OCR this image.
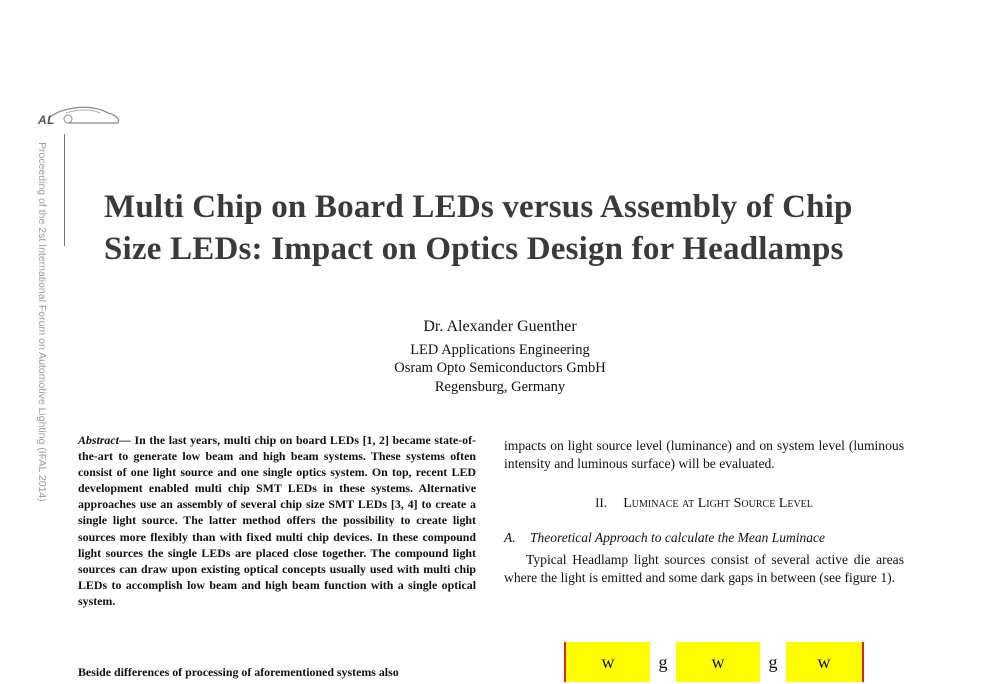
AL
Proceeding of the 2st International Forum on Automotive Lighting (IFAL 2014) Multi Chip on Board LEDs versus Assembly of Chip Size LEDs: Impact on Optics Design for Headlamps
Dr. Alexander Guenther
LED Applications Engineering
Osram Opto Semiconductors GmbH
Regensburg, Germany
Abstract— In the last years, multi chip on board LEDs [1, 2] became state-of-the-art to generate low beam and high beam systems. These systems often consist of one light source and one single optics system. On top, recent LED development enabled multi chip SMT LEDs in these systems. Alternative approaches use an assembly of several chip size SMT LEDs [3, 4] to create a single light source. The latter method offers the possibility to create light sources more flexibly than with fixed multi chip devices. In these compound light sources the single LEDs are placed close together. The compound light sources can draw upon existing optical concepts usually used with multi chip LEDs to accomplish low beam and high beam function with a single optical system.
Beside differences of processing of aforementioned systems also
impacts on light source level (luminance) and on system level (luminous intensity and luminous surface) will be evaluated.
II. Luminace at Light Source Level
A. Theoretical Approach to calculate the Mean Luminace
Typical Headlamp light sources consist of several active die areas where the light is emitted and some dark gaps in between (see figure 1).
w	g	w	g	w
